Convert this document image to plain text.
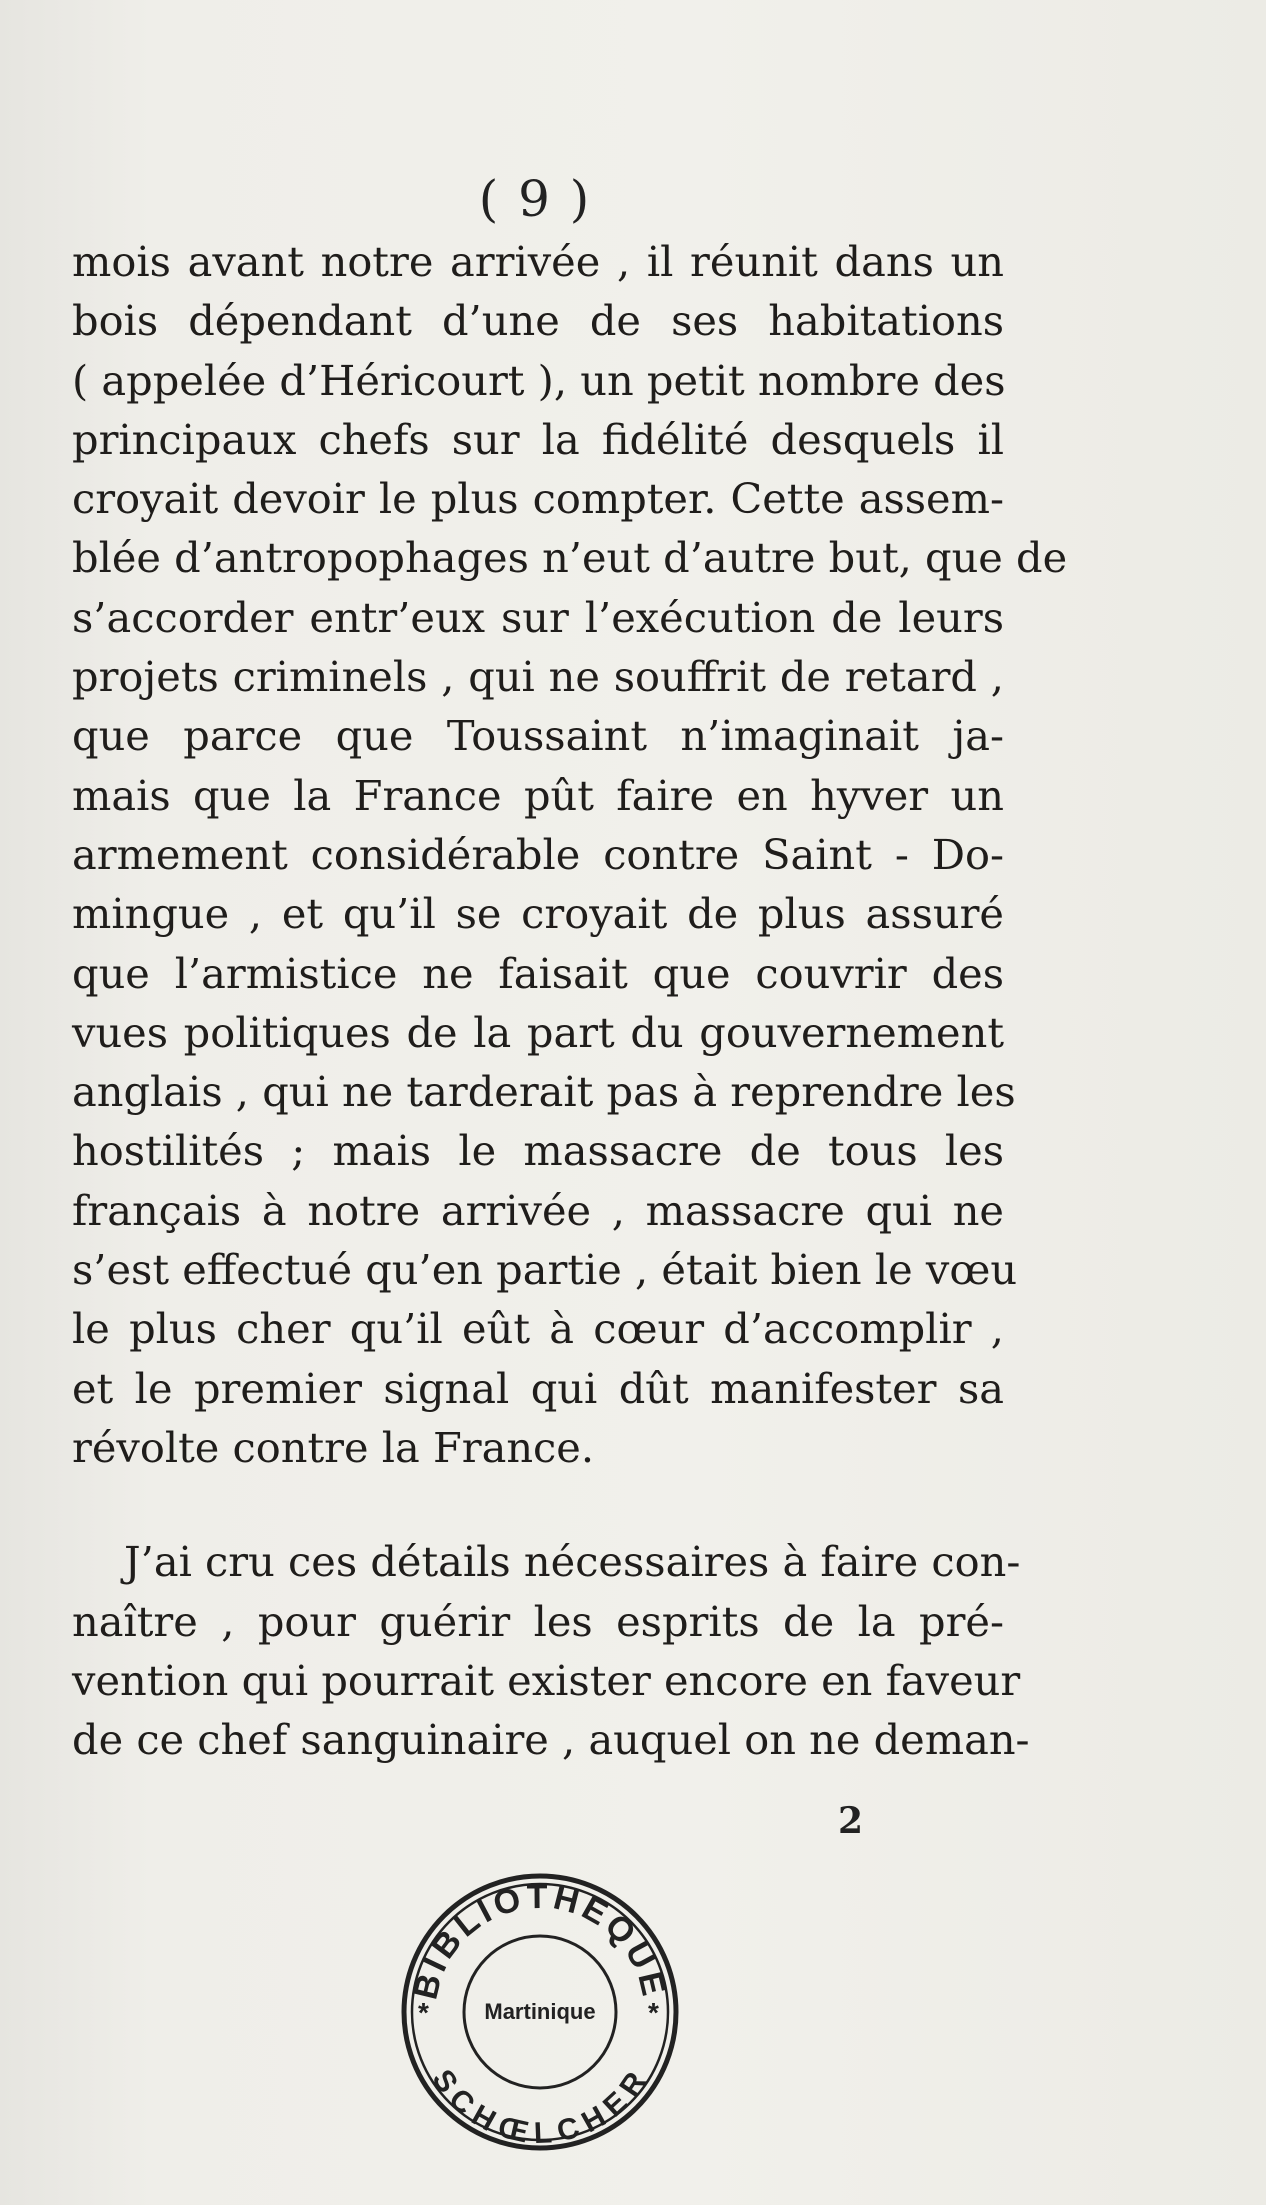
( 9 )
mois avant notre arrivée , il réunit dans un
bois dépendant d’une de ses habitations
( appelée d’Héricourt ), un petit nombre des
principaux chefs sur la fidélité desquels il
croyait devoir le plus compter. Cette assem-
blée d’antropophages n’eut d’autre but, que de
s’accorder entr’eux sur l’exécution de leurs
projets criminels , qui ne souffrit de retard ,
que parce que Toussaint n’imaginait ja-
mais que la France pût faire en hyver un
armement considérable contre Saint - Do-
mingue , et qu’il se croyait de plus assuré
que l’armistice ne faisait que couvrir des
vues politiques de la part du gouvernement
anglais , qui ne tarderait pas à reprendre les
hostilités ; mais le massacre de tous les
français à notre arrivée , massacre qui ne
s’est effectué qu’en partie , était bien le vœu
le plus cher qu’il eût à cœur d’accomplir ,
et le premier signal qui dût manifester sa
révolte contre la France.
J’ai cru ces détails nécessaires à faire con-
naître , pour guérir les esprits de la pré-
vention qui pourrait exister encore en faveur
de ce chef sanguinaire , auquel on ne deman-
2
BIBLIOTHEQUE
SCHŒLCHER
*	*
Martinique
